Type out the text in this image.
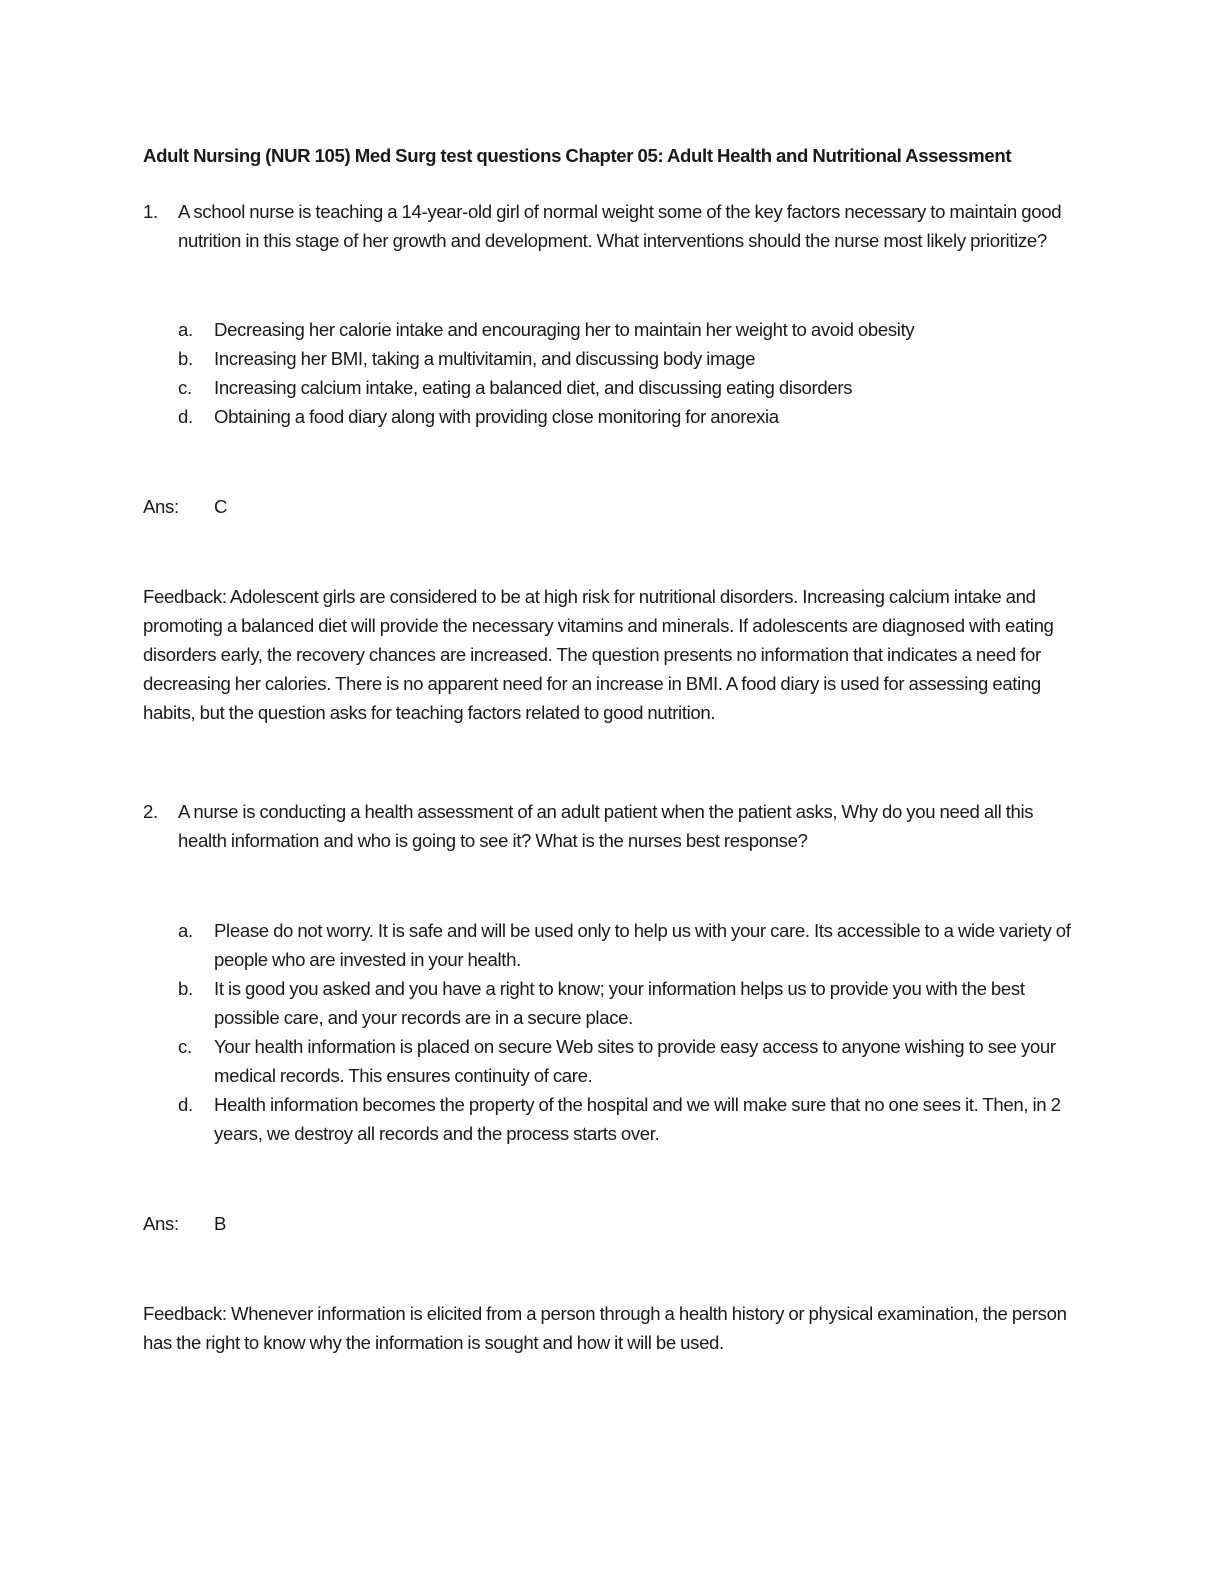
Adult Nursing (NUR 105) Med Surg test questions Chapter 05: Adult Health and Nutritional Assessment
1.	A school nurse is teaching a 14-year-old girl of normal weight some of the key factors necessary to maintain good nutrition in this stage of her growth and development. What interventions should the nurse most likely prioritize?
a.	Decreasing her calorie intake and encouraging her to maintain her weight to avoid obesity
b.	Increasing her BMI, taking a multivitamin, and discussing body image
c.	Increasing calcium intake, eating a balanced diet, and discussing eating disorders
d.	Obtaining a food diary along with providing close monitoring for anorexia
Ans:	C

Feedback: Adolescent girls are considered to be at high risk for nutritional disorders. Increasing calcium intake and promoting a balanced diet will provide the necessary vitamins and minerals. If adolescents are diagnosed with eating disorders early, the recovery chances are increased. The question presents no information that indicates a need for decreasing her calories. There is no apparent need for an increase in BMI. A food diary is used for assessing eating habits, but the question asks for teaching factors related to good nutrition.

2.	A nurse is conducting a health assessment of an adult patient when the patient asks, Why do you need all this health information and who is going to see it? What is the nurses best response?
a.	Please do not worry. It is safe and will be used only to help us with your care. Its accessible to a wide variety of people who are invested in your health.
b.	It is good you asked and you have a right to know; your information helps us to provide you with the best possible care, and your records are in a secure place.
c.	Your health information is placed on secure Web sites to provide easy access to anyone wishing to see your medical records. This ensures continuity of care.
d.	Health information becomes the property of the hospital and we will make sure that no one sees it. Then, in 2 years, we destroy all records and the process starts over.
Ans:	B

Feedback: Whenever information is elicited from a person through a health history or physical examination, the person has the right to know why the information is sought and how it will be used.
